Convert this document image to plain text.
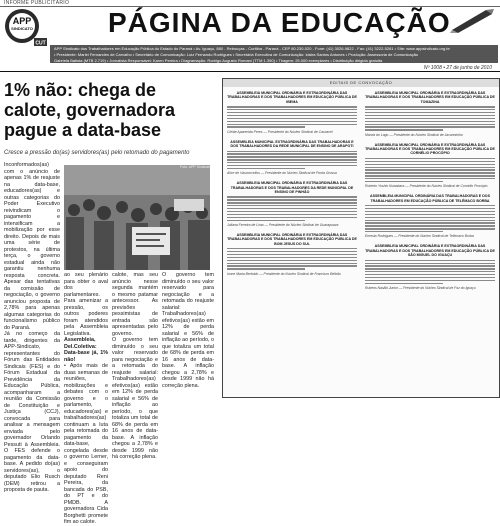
INFORME PUBLICITÁRIO
APP
SINDICATO
CUT
PÁGINA DA EDUCAÇÃO
APP Sindicato dos Trabalhadores em Educação Pública do Estado do Paraná • Av. Iguaçu, 880 - Rebouças - Curitiba - Paraná - CEP 80.230-020 - Fone: (41) 3026-9822 - Fax: (41) 3222-5261 • Site: www.appsindicato.org.br
• Presidente: Marlei Fernandes de Carvalho • Secretário de Comunicação: Luiz Fernando Rodrigues • Secretária Executiva de Comunicação: Idaira Santos Antunes • Produção: Assessoria de Comunicação
Gabriela Batista (MTB 2.719) • Jornalista Responsável: Karen Pereira • Diagramação: Rodrigo Augusto Romani (TTM 1.390) • Tiragem: 25.000 exemplares • Distribuição dirigida gratuita
Nº 1008 • 27 de junho de 2010
1% não: chega de calote, governadora pague a data-base
Cresce a pressão do(as) servidores(as) pelo retomado do pagamento
Inconformados(as) com o anúncio de apenas 1% de reajuste na data-base, educadores(as) e outras categorias do Poder Executivo reivindicam o pagamento e intensificam a mobilização por esse direito. Depois de mais uma série de protestos, na última terça, o governo estadual ainda não garantiu nenhuma resposta concreta. Apesar das tentativas da comissão de negociação, o governo anunciou proposta de 2,78% para apenas algumas categorias do funcionalismo público do Paraná.
Já no começo da tarde, dirigentes da APP-Sindicato, representantes do Fórum das Entidades Sindicais (FES) e do Fórum Estadual da Previdência da Educação Pública, acompanharam a reunião da Comissão de Constituição e Justiça (CCJ), convocada para analisar a mensagem enviada pelo governador Orlando Pessuti à Assembleia. O FES defende o pagamento da data-base. A pedido do(as) servidores(as), o deputado Elio Rusch (DEM) retirou a proposta de pauta.
Foto: APP Sindicato
ao seu plenário para obter o aval dos parlamentares. Para amenizar a pressão, os outros poderes foram atendidos pela Assembleia Legislativa.
Assembleia, Del.Coletiva: Data-base já, 1% não!
• Após mais de duas semanas de reuniões, mobilizações e debates com o governo e o parlamento, educadores(as) e trabalhadores(as) continuam a luta pela retomada do pagamento da data-base, congelada desde o governo Lerner, e conseguiram apoio do deputado Reni Pereira, da bancada do PSB, do PT e do PMDB. A governadora Cida Borghetti promete fim ao calote.
calote, mas seu anúncio nesse segunda mantém o mesmo patamar antecessor. As previsões pessimistas de entrada são apresentadas pelo governo.
O governo tem diminuído o seu valor reservado para negociação e a retomada do reajuste salarial: Trabalhadores(as) efetivos(as) estão em 12% de perda salarial e 56% de inflação ao período, o que totaliza um total de 68% de perda em 16 anos de data-base. A inflação chegou a 2,78% e desde 1999 não há correção plena.
O governo tem diminuído o seu valor reservado para negociação e a retomada do reajuste salarial: Trabalhadores(as) efetivos(as) estão em 12% de perda salarial e 56% de inflação ao período, o que totaliza um total de 68% de perda em 16 anos de data-base. A inflação chegou a 2,78% e desde 1999 não há correção plena.
EDITAIS DE CONVOCAÇÃO
ASSEMBLEIA MUNICIPAL ORDINÁRIA E EXTRAORDINÁRIA DAS TRABALHADORAS E DOS TRABALHADORES EM EDUCAÇÃO PÚBLICA DE IBEMA
Cleide Aparecida Peres — Presidente do Núcleo Sindical de Cascavel
ASSEMBLEIA MUNICIPAL EXTRAORDINÁRIA DAS TRABALHADORAS E DOS TRABALHADORES DA REDE MUNICIPAL DE ENSINO DE ARAPOTI
Alice de Vasconcellos — Presidente do Núcleo Sindical de Ponta Grossa
ASSEMBLEIA MUNICIPAL ORDINÁRIA E EXTRAORDINÁRIA DAS TRABALHADORAS E DOS TRABALHADORES DA REDE MUNICIPAL DE ENSINO DE PINHÃO
Juliana Ferreira de Lima — Presidente do Núcleo Sindical de Guarapuava
ASSEMBLEIA MUNICIPAL ORDINÁRIA E EXTRAORDINÁRIA DAS TRABALHADORAS E DOS TRABALHADORES EM EDUCAÇÃO PÚBLICA DE BOM JESUS DO SUL
Ivone Maria Bertoldo — Presidente do Núcleo Sindical de Francisco Beltrão
ASSEMBLEIA MUNICIPAL ORDINÁRIA E EXTRAORDINÁRIA DAS TRABALHADORAS E DOS TRABALHADORES EM EDUCAÇÃO PÚBLICA DE TOMAZINA
Márcia do Lago — Presidente do Núcleo Sindical de Jacarezinho
ASSEMBLEIA MUNICIPAL ORDINÁRIA E EXTRAORDINÁRIA DAS TRABALHADORAS E DOS TRABALHADORES EM EDUCAÇÃO PÚBLICA DE CORNÉLIO PROCÓPIO
Roberto Yoshio Kuwabara — Presidente do Núcleo Sindical de Cornélio Procópio
ASSEMBLEIA MUNICIPAL ORDINÁRIA DAS TRABALHADORAS E DOS TRABALHADORES EM EDUCAÇÃO PÚBLICA DE TELÊMACO BORBA
Ernesto Rodrigues — Presidente do Núcleo Sindical de Telêmaco Borba
ASSEMBLEIA MUNICIPAL ORDINÁRIA E EXTRAORDINÁRIA DAS TRABALHADORAS E DOS TRABALHADORES EM EDUCAÇÃO PÚBLICA DE SÃO MIGUEL DO IGUAÇU
Rubens Nasilbi Junior — Presidente do Núcleo Sindical de Foz do Iguaçu
